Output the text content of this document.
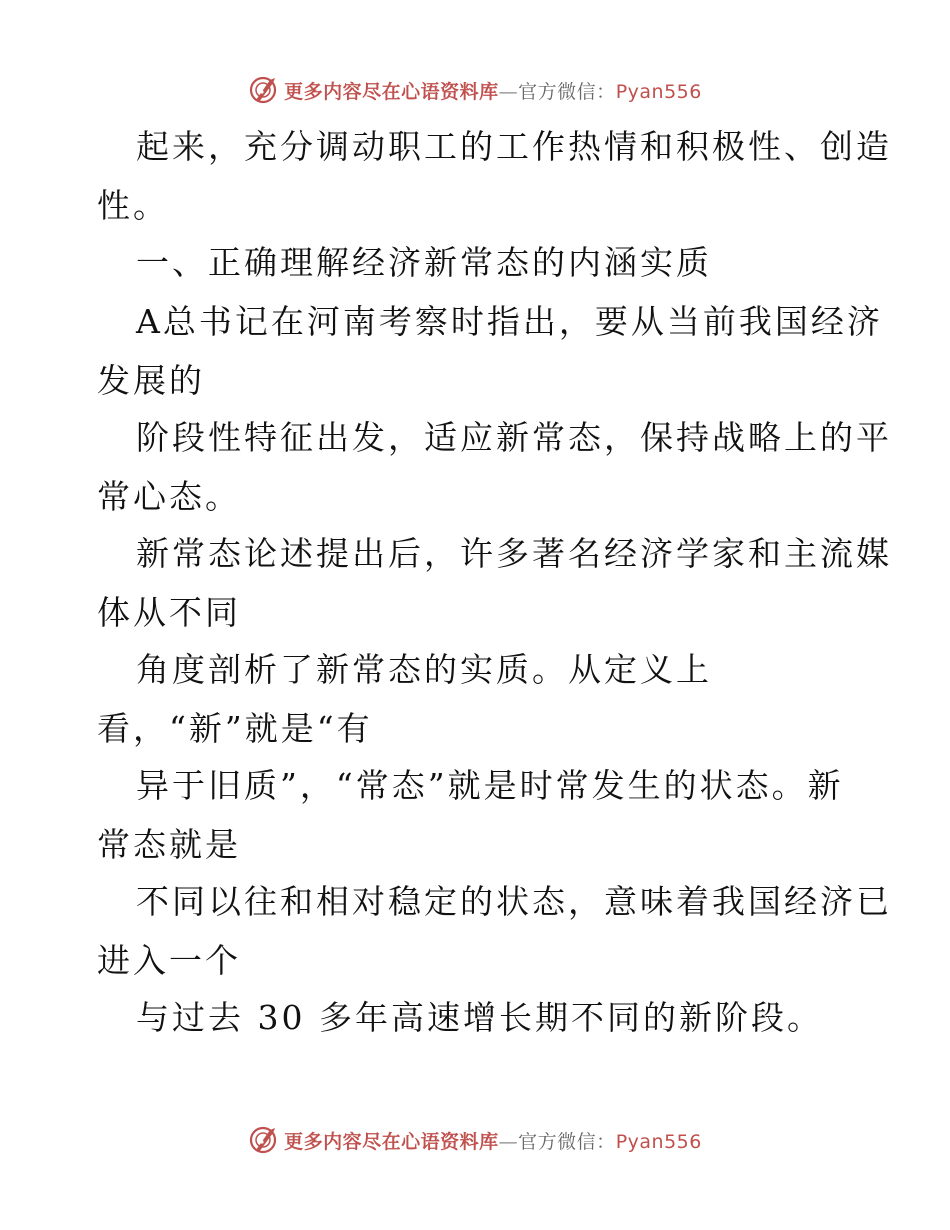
更多内容尽在心语资料库—官方微信：Pyan556
起来，充分调动职工的工作热情和积极性、创造
性。
一、正确理解经济新常态的内涵实质
A总书记在河南考察时指出，要从当前我国经济
发展的
阶段性特征出发，适应新常态，保持战略上的平
常心态。
新常态论述提出后，许多著名经济学家和主流媒
体从不同
角度剖析了新常态的实质。从定义上
看，“新”就是“有
异于旧质”，“常态”就是时常发生的状态。新
常态就是
不同以往和相对稳定的状态，意味着我国经济已
进入一个
与过去 30 多年高速增长期不同的新阶段。
更多内容尽在心语资料库—官方微信：Pyan556
